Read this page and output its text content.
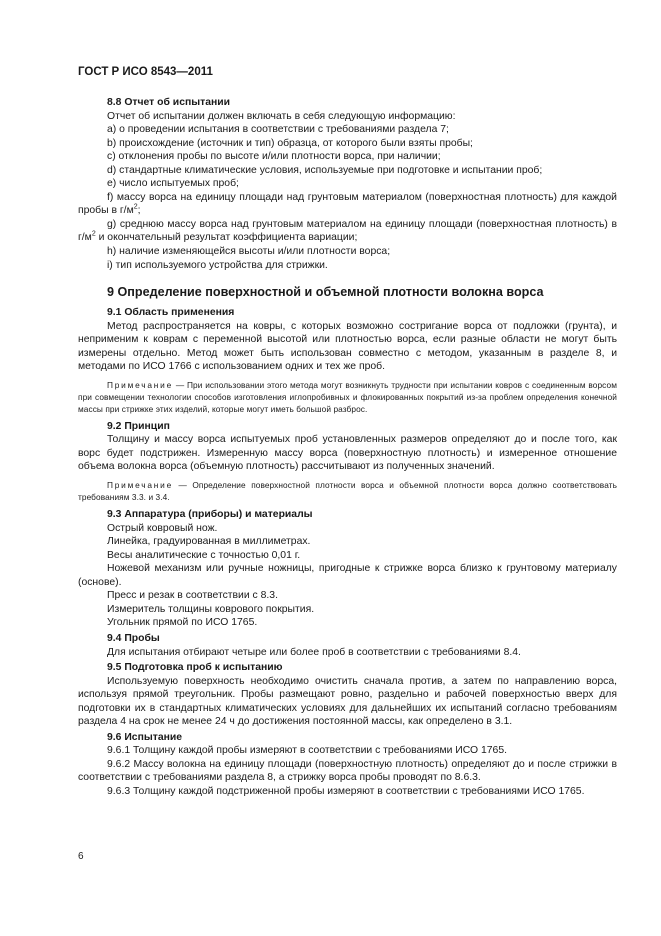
ГОСТ Р ИСО 8543—2011

8.8 Отчет об испытании

Отчет об испытании должен включать в себя следующую информацию:

а) о проведении испытания в соответствии с требованиями раздела 7;

b) происхождение (источник и тип) образца, от которого были взяты пробы;

c) отклонения пробы по высоте и/или плотности ворса, при наличии;

d) стандартные климатические условия, используемые при подготовке и испытании проб;

e) число испытуемых проб;

f) массу ворса на единицу площади над грунтовым материалом (поверхностная плотность) для каждой пробы в $г/м^2$;

g) среднюю массу ворса над грунтовым материалом на единицу площади (поверхностная плотность) в $г/м^2$ и окончательный результат коэффициента вариации;

h) наличие изменяющейся высоты и/или плотности ворса;

i) тип используемого устройства для стрижки.

9 Определение поверхностной и объемной плотности волокна ворса

9.1 Область применения

Метод распространяется на ковры, с которых возможно состригание ворса от подложки (грунта), и неприменим к коврам с переменной высотой или плотностью ворса, если разные области не могут быть измерены отдельно. Метод может быть использован совместно с методом, указанным в разделе 8, и методами по ИСО 1766 с использованием одних и тех же проб.

Примечание — При использовании этого метода могут возникнуть трудности при испытании ковров с соединенным ворсом при совмещении технологии способов изготовления иглопробивных и флокированных покрытий из-за проблем определения конечной массы при стрижке этих изделий, которые могут иметь большой разброс.

9.2 Принцип

Толщину и массу ворса испытуемых проб установленных размеров определяют до и после того, как ворс будет подстрижен. Измеренную массу ворса (поверхностную плотность) и измеренное отношение объема волокна ворса (объемную плотность) рассчитывают из полученных значений.

Примечание — Определение поверхностной плотности ворса и объемной плотности ворса должно соответствовать требованиям 3.3. и 3.4.

9.3 Аппаратура (приборы) и материалы

Острый ковровый нож.

Линейка, градуированная в миллиметрах.

Весы аналитические с точностью 0,01 г.

Ножевой механизм или ручные ножницы, пригодные к стрижке ворса близко к грунтовому материалу (основе).

Пресс и резак в соответствии с 8.3.

Измеритель толщины коврового покрытия.

Угольник прямой по ИСО 1765.

9.4 Пробы

Для испытания отбирают четыре или более проб в соответствии с требованиями 8.4.

9.5 Подготовка проб к испытанию

Используемую поверхность необходимо очистить сначала против, а затем по направлению ворса, используя прямой треугольник. Пробы размещают ровно, раздельно и рабочей поверхностью вверх для подготовки их в стандартных климатических условиях для дальнейших их испытаний согласно требованиям раздела 4 на срок не менее 24 ч до достижения постоянной массы, как определено в 3.1.

9.6 Испытание

9.6.1 Толщину каждой пробы измеряют в соответствии с требованиями ИСО 1765.

9.6.2 Массу волокна на единицу площади (поверхностную плотность) определяют до и после стрижки в соответствии с требованиями раздела 8, а стрижку ворса пробы проводят по 8.6.3.

9.6.3 Толщину каждой подстриженной пробы измеряют в соответствии с требованиями ИСО 1765.

6
